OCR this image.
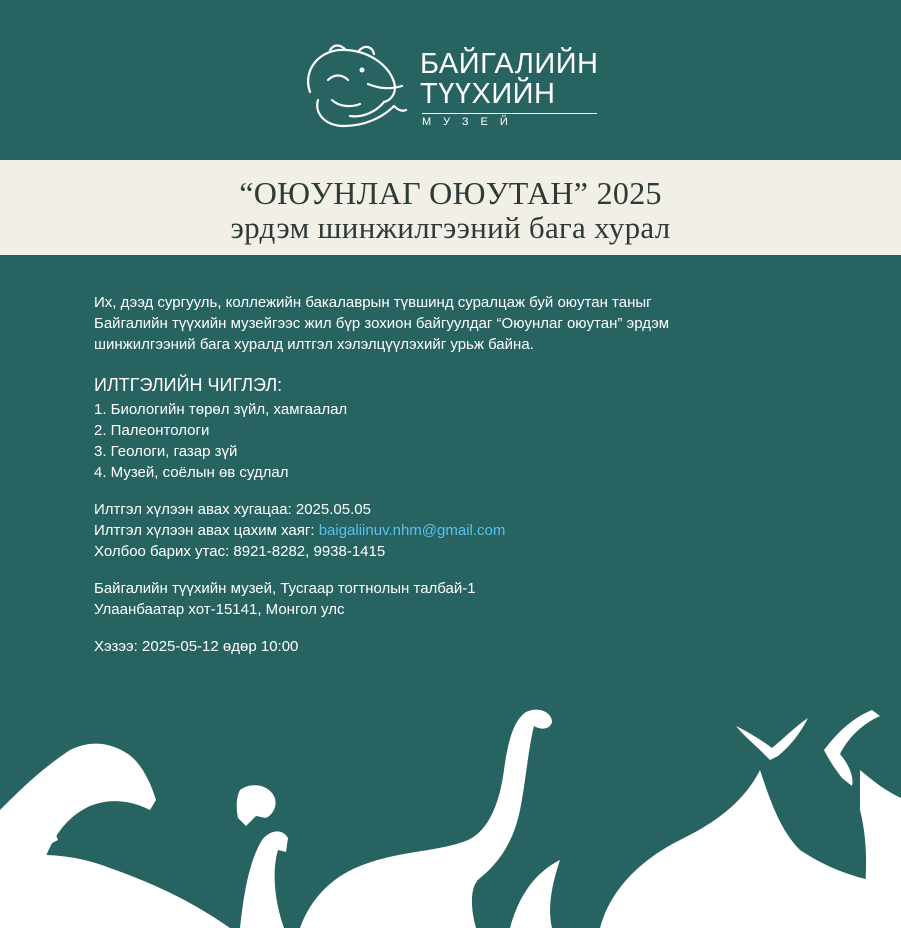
БАЙГАЛИЙН
ТҮҮХИЙН
МУЗЕЙ
“ОЮУНЛАГ ОЮУТАН” 2025
эрдэм шинжилгээний бага хурал
Их, дээд сургууль, коллежийн бакалаврын түвшинд суралцаж буй оюутан таныг
Байгалийн түүхийн музейгээс жил бүр зохион байгуулдаг “Оюунлаг оюутан” эрдэм
шинжилгээний бага хуралд илтгэл хэлэлцүүлэхийг урьж байна.
ИЛТГЭЛИЙН ЧИГЛЭЛ:
1. Биологийн төрөл зүйл, хамгаалал
2. Палеонтологи
3. Геологи, газар зүй
4. Музей, соёлын өв судлал
Илтгэл хүлээн авах хугацаа: 2025.05.05
Илтгэл хүлээн авах цахим хаяг: baigaliinuv.nhm@gmail.com
Холбоо барих утас: 8921-8282, 9938-1415
Байгалийн түүхийн музей, Тусгаар тогтнолын талбай-1
Улаанбаатар хот-15141, Монгол улс
Хэзээ: 2025-05-12 өдөр 10:00
